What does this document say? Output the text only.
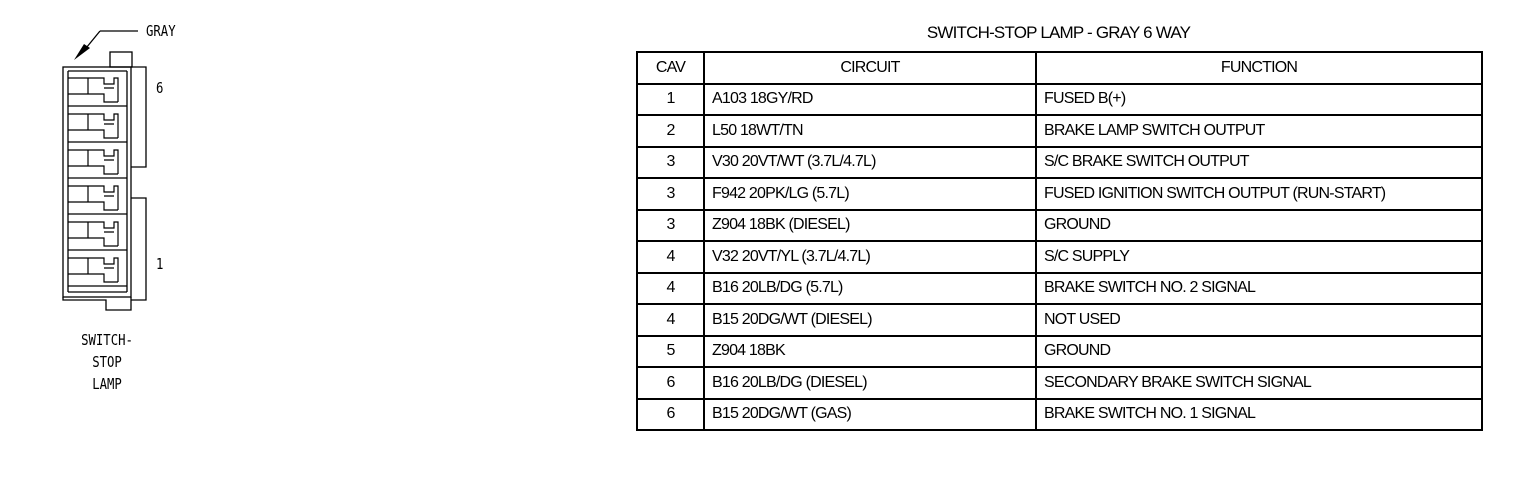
GRAY
6
1
SWITCH-
STOP
LAMP
SWITCH-STOP LAMP - GRAY 6 WAY
CAV	CIRCUIT	FUNCTION
1	A103 18GY/RD	FUSED B(+)
2	L50 18WT/TN	BRAKE LAMP SWITCH OUTPUT
3	V30 20VT/WT (3.7L/4.7L)	S/C BRAKE SWITCH OUTPUT
3	F942 20PK/LG (5.7L)	FUSED IGNITION SWITCH OUTPUT (RUN-START)
3	Z904 18BK (DIESEL)	GROUND
4	V32 20VT/YL (3.7L/4.7L)	S/C SUPPLY
4	B16 20LB/DG (5.7L)	BRAKE SWITCH NO. 2 SIGNAL
4	B15 20DG/WT (DIESEL)	NOT USED
5	Z904 18BK	GROUND
6	B16 20LB/DG (DIESEL)	SECONDARY BRAKE SWITCH SIGNAL
6	B15 20DG/WT (GAS)	BRAKE SWITCH NO. 1 SIGNAL
